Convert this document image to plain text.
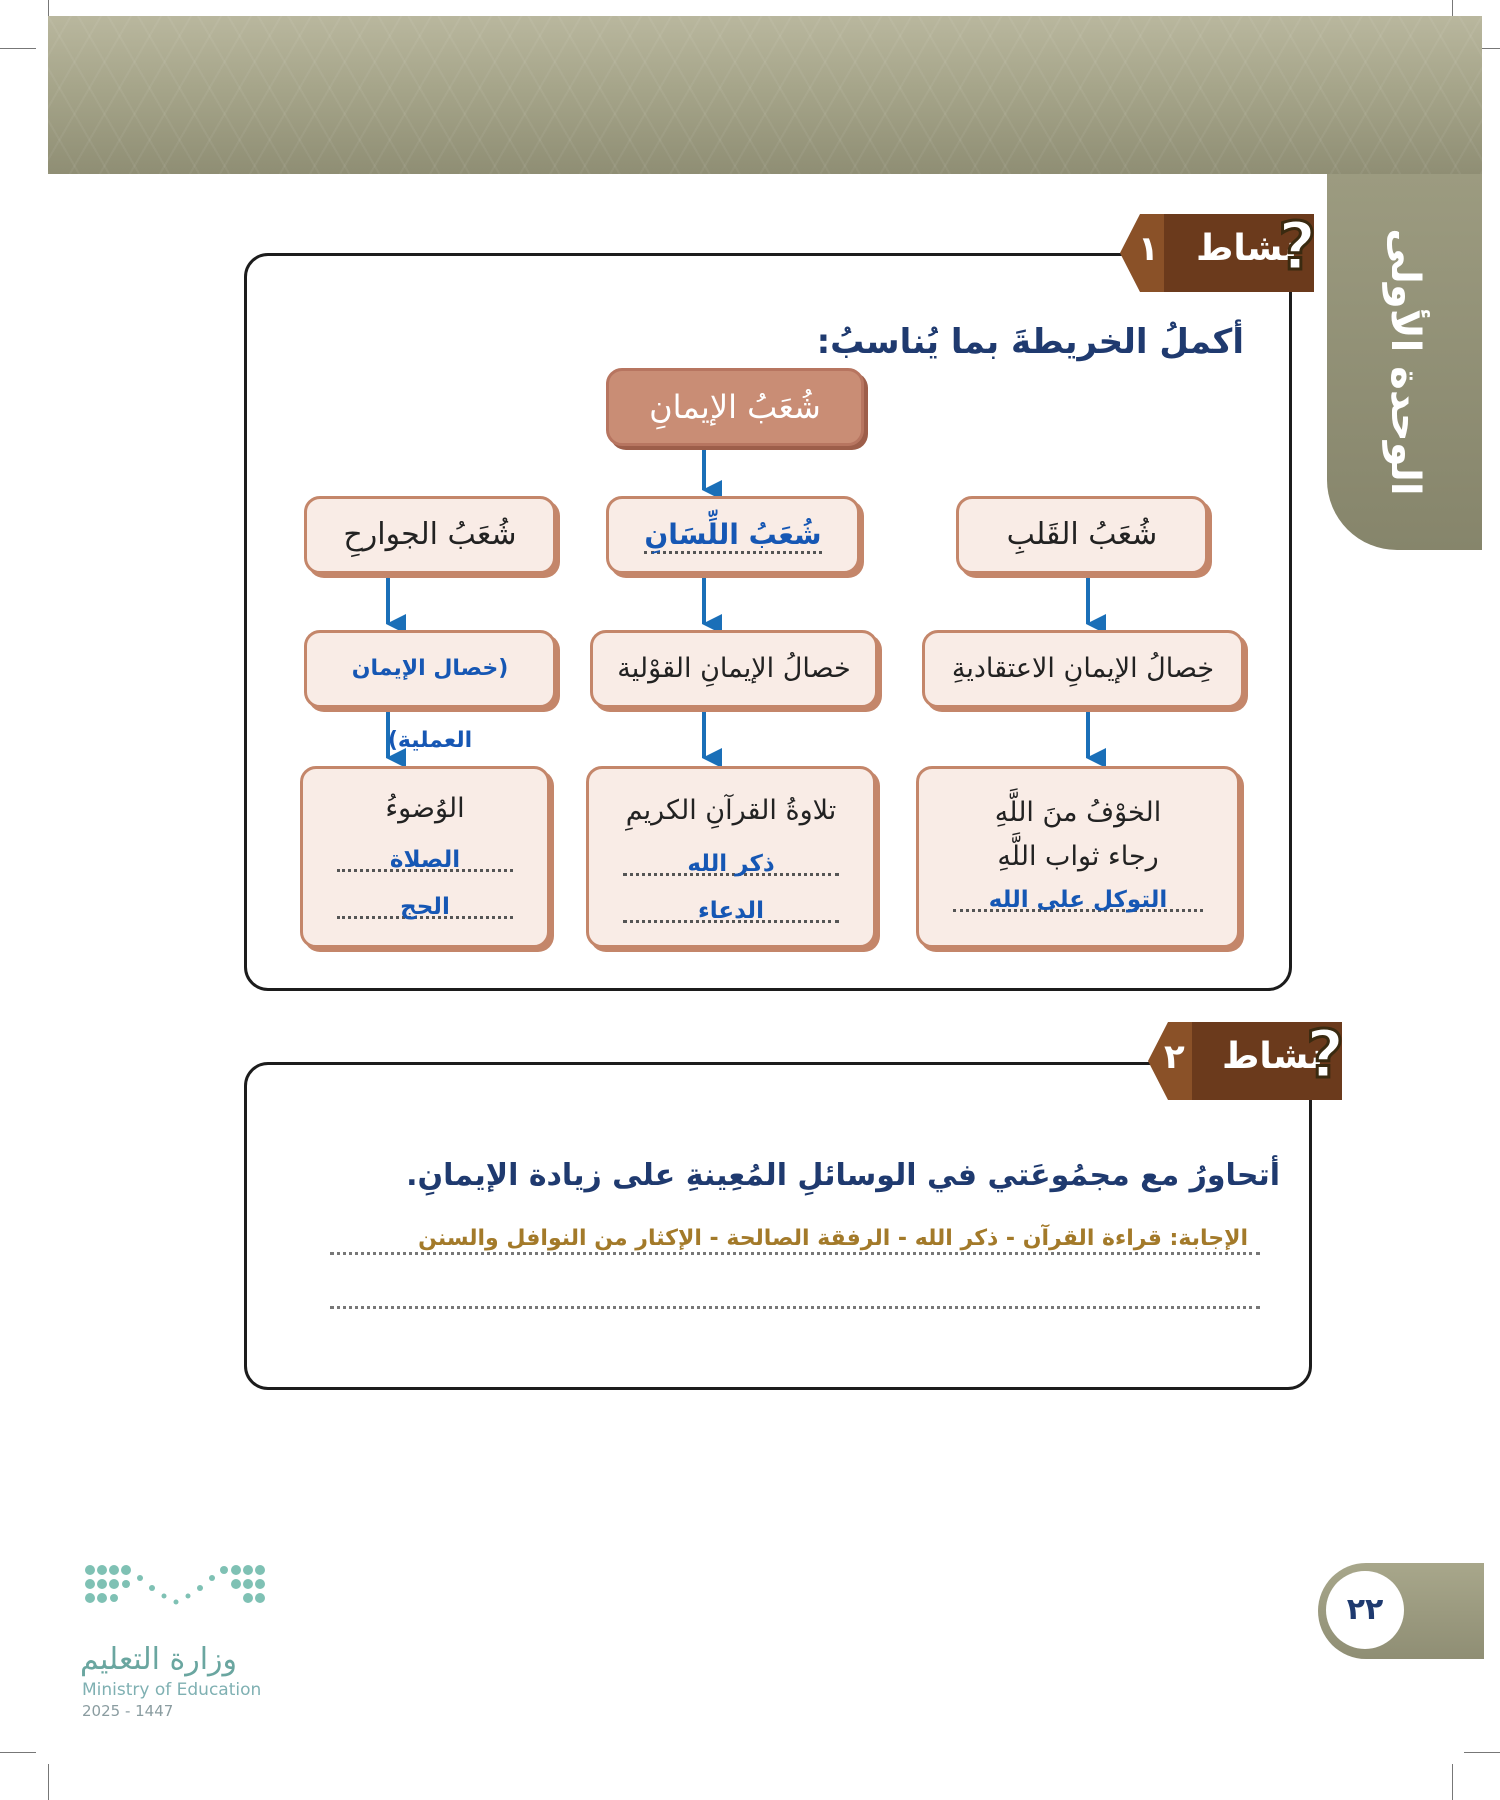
الوحدة الأولى
١ نشاط
?
أكملُ الخريطةَ بما يُناسبُ:
شُعَبُ الإيمانِ
شُعَبُ القَلبِ
شُعَبُ اللِّسَانِ
شُعَبُ الجوارحِ
خِصالُ الإيمانِ الاعتقاديةِ
خصالُ الإيمانِ القوْلية
(خصال الإيمان العملية)
الخوْفُ منَ اللَّهِ
رجاء ثواب اللَّهِ
التوكل على الله
تلاوةُ القرآنِ الكريمِ
ذكر الله
الدعاء
الوُضوءُ
الصلاة
الحج
٢ نشاط
?
أتحاورُ مع مجمُوعَتي في الوسائلِ المُعِينةِ على زيادة الإيمانِ.
الإجابة: قراءة القرآن - ذكر الله - الرفقة الصالحة - الإكثار من النوافل والسنن
٢٢
وزارة التعليم
Ministry of Education
2025 - 1447
